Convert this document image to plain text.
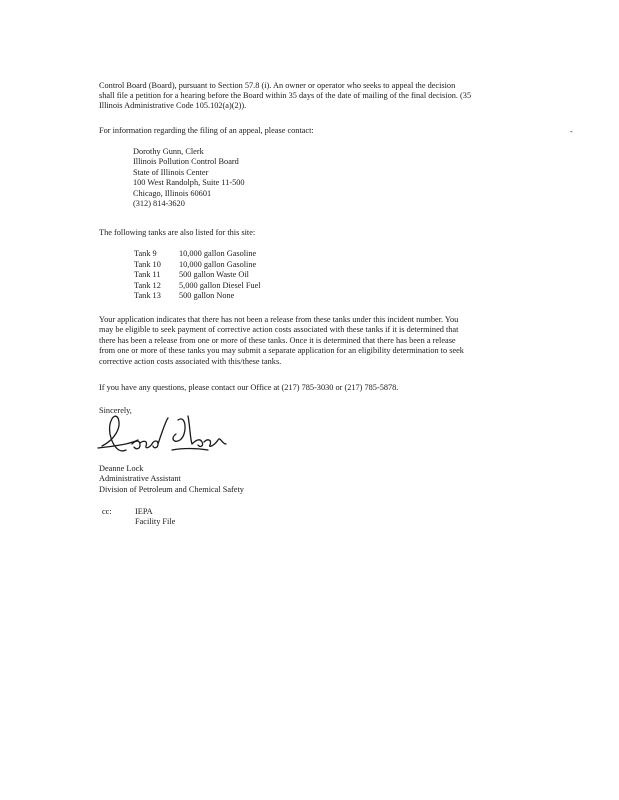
Control Board (Board), pursuant to Section 57.8 (i). An owner or operator who seeks to appeal the decision
shall file a petition for a hearing before the Board within 35 days of the date of mailing of the final decision. (35
Illinois Administrative Code 105.102(a)(2)).
For information regarding the filing of an appeal, please contact:	-
Dorothy Gunn, Clerk
Illinois Pollution Control Board
State of Illinois Center
100 West Randolph, Suite 11-500
Chicago, Illinois 60601
(312) 814-3620
The following tanks are also listed for this site:
Tank 9	10,000 gallon Gasoline
Tank 10	10,000 gallon Gasoline
Tank 11	500 gallon Waste Oil
Tank 12	5,000 gallon Diesel Fuel
Tank 13	500 gallon None
Your application indicates that there has not been a release from these tanks under this incident number. You
may be eligible to seek payment of corrective action costs associated with these tanks if it is determined that
there has been a release from one or more of these tanks. Once it is determined that there has been a release
from one or more of these tanks you may submit a separate application for an eligibility determination to seek
corrective action costs associated with this/these tanks.
If you have any questions, please contact our Office at (217) 785-3030 or (217) 785-5878.
Sincerely,
Deanne Lock
Administrative Assistant
Division of Petroleum and Chemical Safety
cc:	IEPA
Facility File
